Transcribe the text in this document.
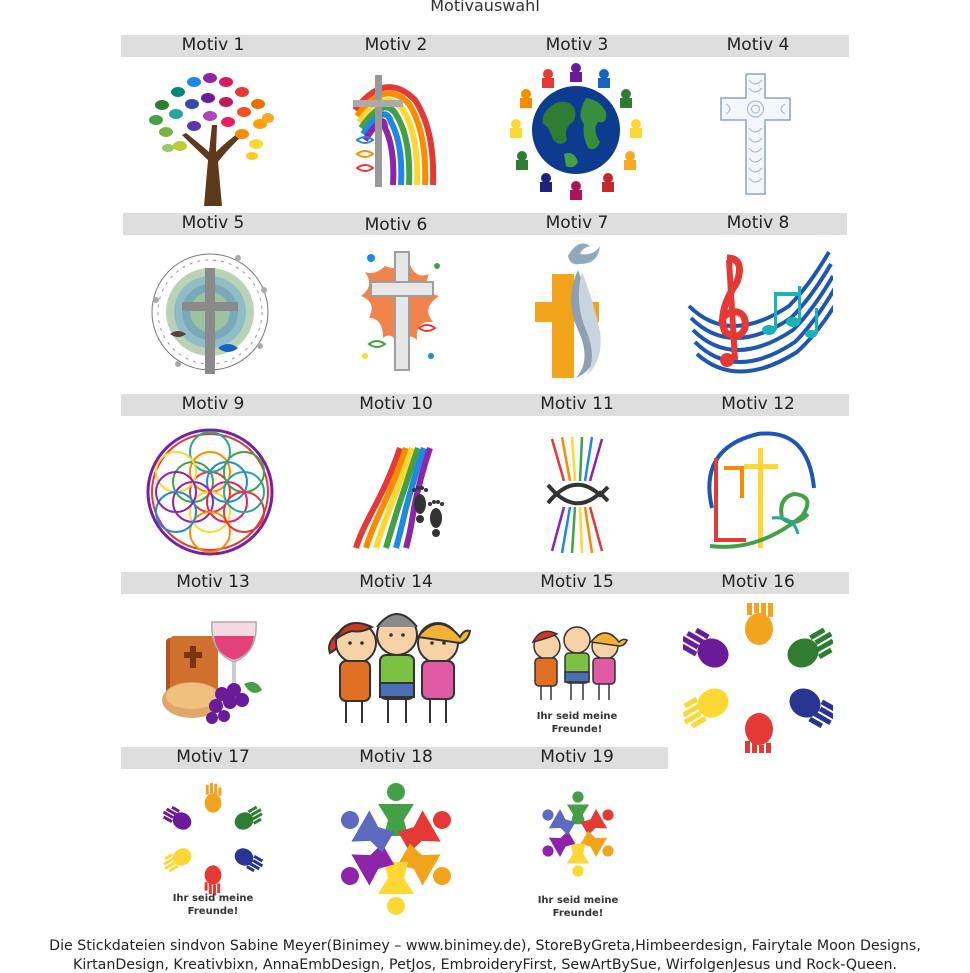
Motivauswahl
Motiv 1	Motiv 2	Motiv 3	Motiv 4
Motiv 5	Motiv 6	Motiv 7	Motiv 8
Motiv 9	Motiv 10	Motiv 11	Motiv 12
Motiv 13	Motiv 14	Motiv 15	Motiv 16
Motiv 17	Motiv 18	Motiv 19
Ihr seid meine
Freunde!
Ihr seid meine
Freunde!
Ihr seid meine
Freunde!
Die Stickdateien sindvon Sabine Meyer(Binimey – www.binimey.de), StoreByGreta,Himbeerdesign, Fairytale Moon Designs,
KirtanDesign, Kreativbixn, AnnaEmbDesign, PetJos, EmbroideryFirst, SewArtBySue, WirfolgenJesus und Rock-Queen.
